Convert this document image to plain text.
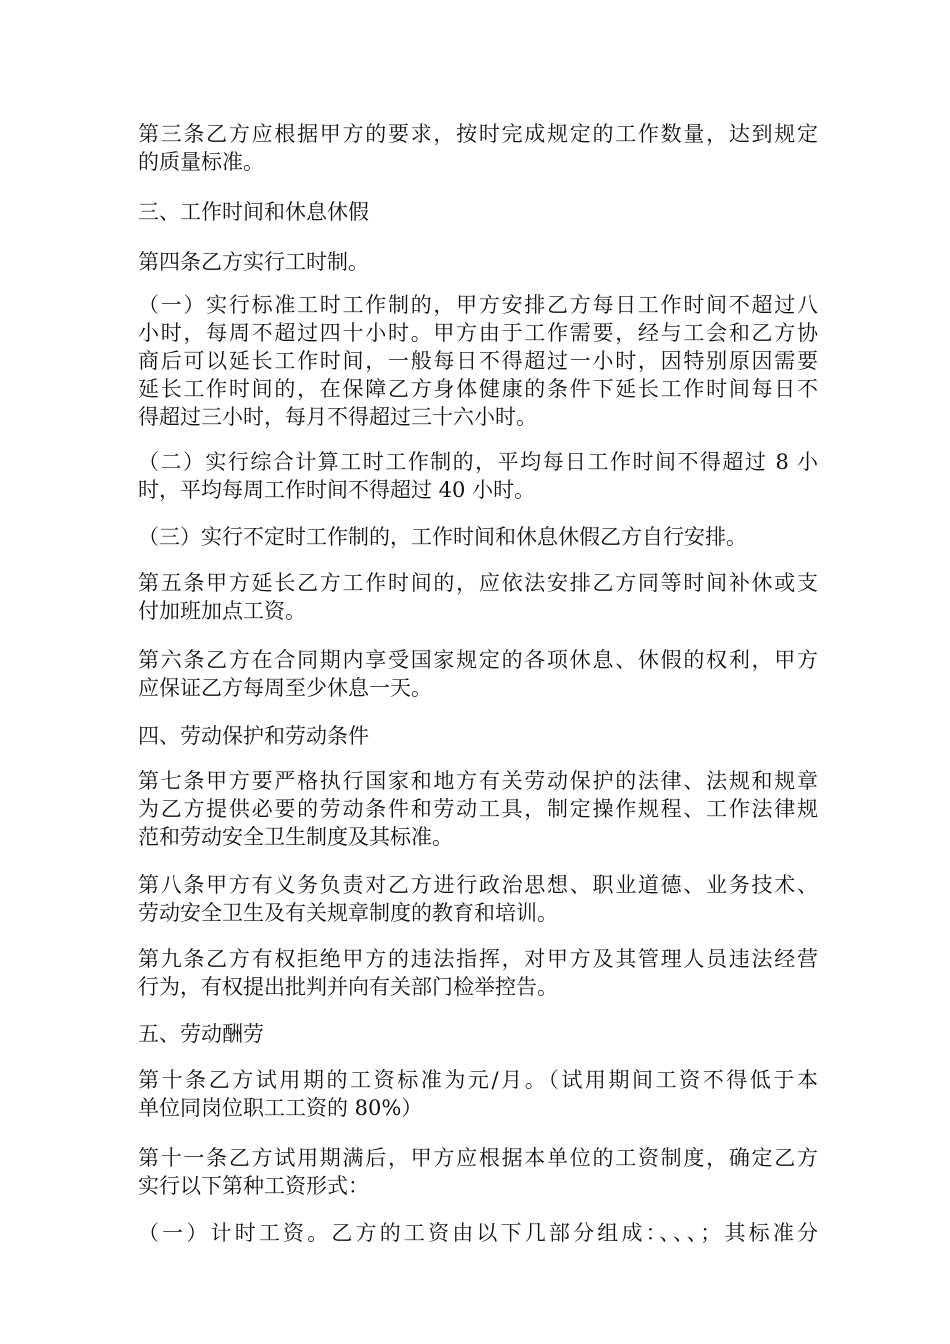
第三条乙方应根据甲方的要求，按时完成规定的工作数量，达到规定
的质量标准。
三、工作时间和休息休假
第四条乙方实行工时制。
（一）实行标准工时工作制的，甲方安排乙方每日工作时间不超过八
小时，每周不超过四十小时。甲方由于工作需要，经与工会和乙方协
商后可以延长工作时间，一般每日不得超过一小时，因特别原因需要
延长工作时间的，在保障乙方身体健康的条件下延长工作时间每日不
得超过三小时，每月不得超过三十六小时。
（二）实行综合计算工时工作制的，平均每日工作时间不得超过 8 小
时，平均每周工作时间不得超过 40 小时。
（三）实行不定时工作制的，工作时间和休息休假乙方自行安排。
第五条甲方延长乙方工作时间的，应依法安排乙方同等时间补休或支
付加班加点工资。
第六条乙方在合同期内享受国家规定的各项休息、休假的权利，甲方
应保证乙方每周至少休息一天。
四、劳动保护和劳动条件
第七条甲方要严格执行国家和地方有关劳动保护的法律、法规和规章
为乙方提供必要的劳动条件和劳动工具，制定操作规程、工作法律规
范和劳动安全卫生制度及其标准。
第八条甲方有义务负责对乙方进行政治思想、职业道德、业务技术、
劳动安全卫生及有关规章制度的教育和培训。
第九条乙方有权拒绝甲方的违法指挥，对甲方及其管理人员违法经营
行为，有权提出批判并向有关部门检举控告。
五、劳动酬劳
第十条乙方试用期的工资标准为元/月。（试用期间工资不得低于本
单位同岗位职工工资的 80%）
第十一条乙方试用期满后，甲方应根据本单位的工资制度，确定乙方
实行以下第种工资形式：
（一）计时工资。乙方的工资由以下几部分组成：、、、；其标准分
